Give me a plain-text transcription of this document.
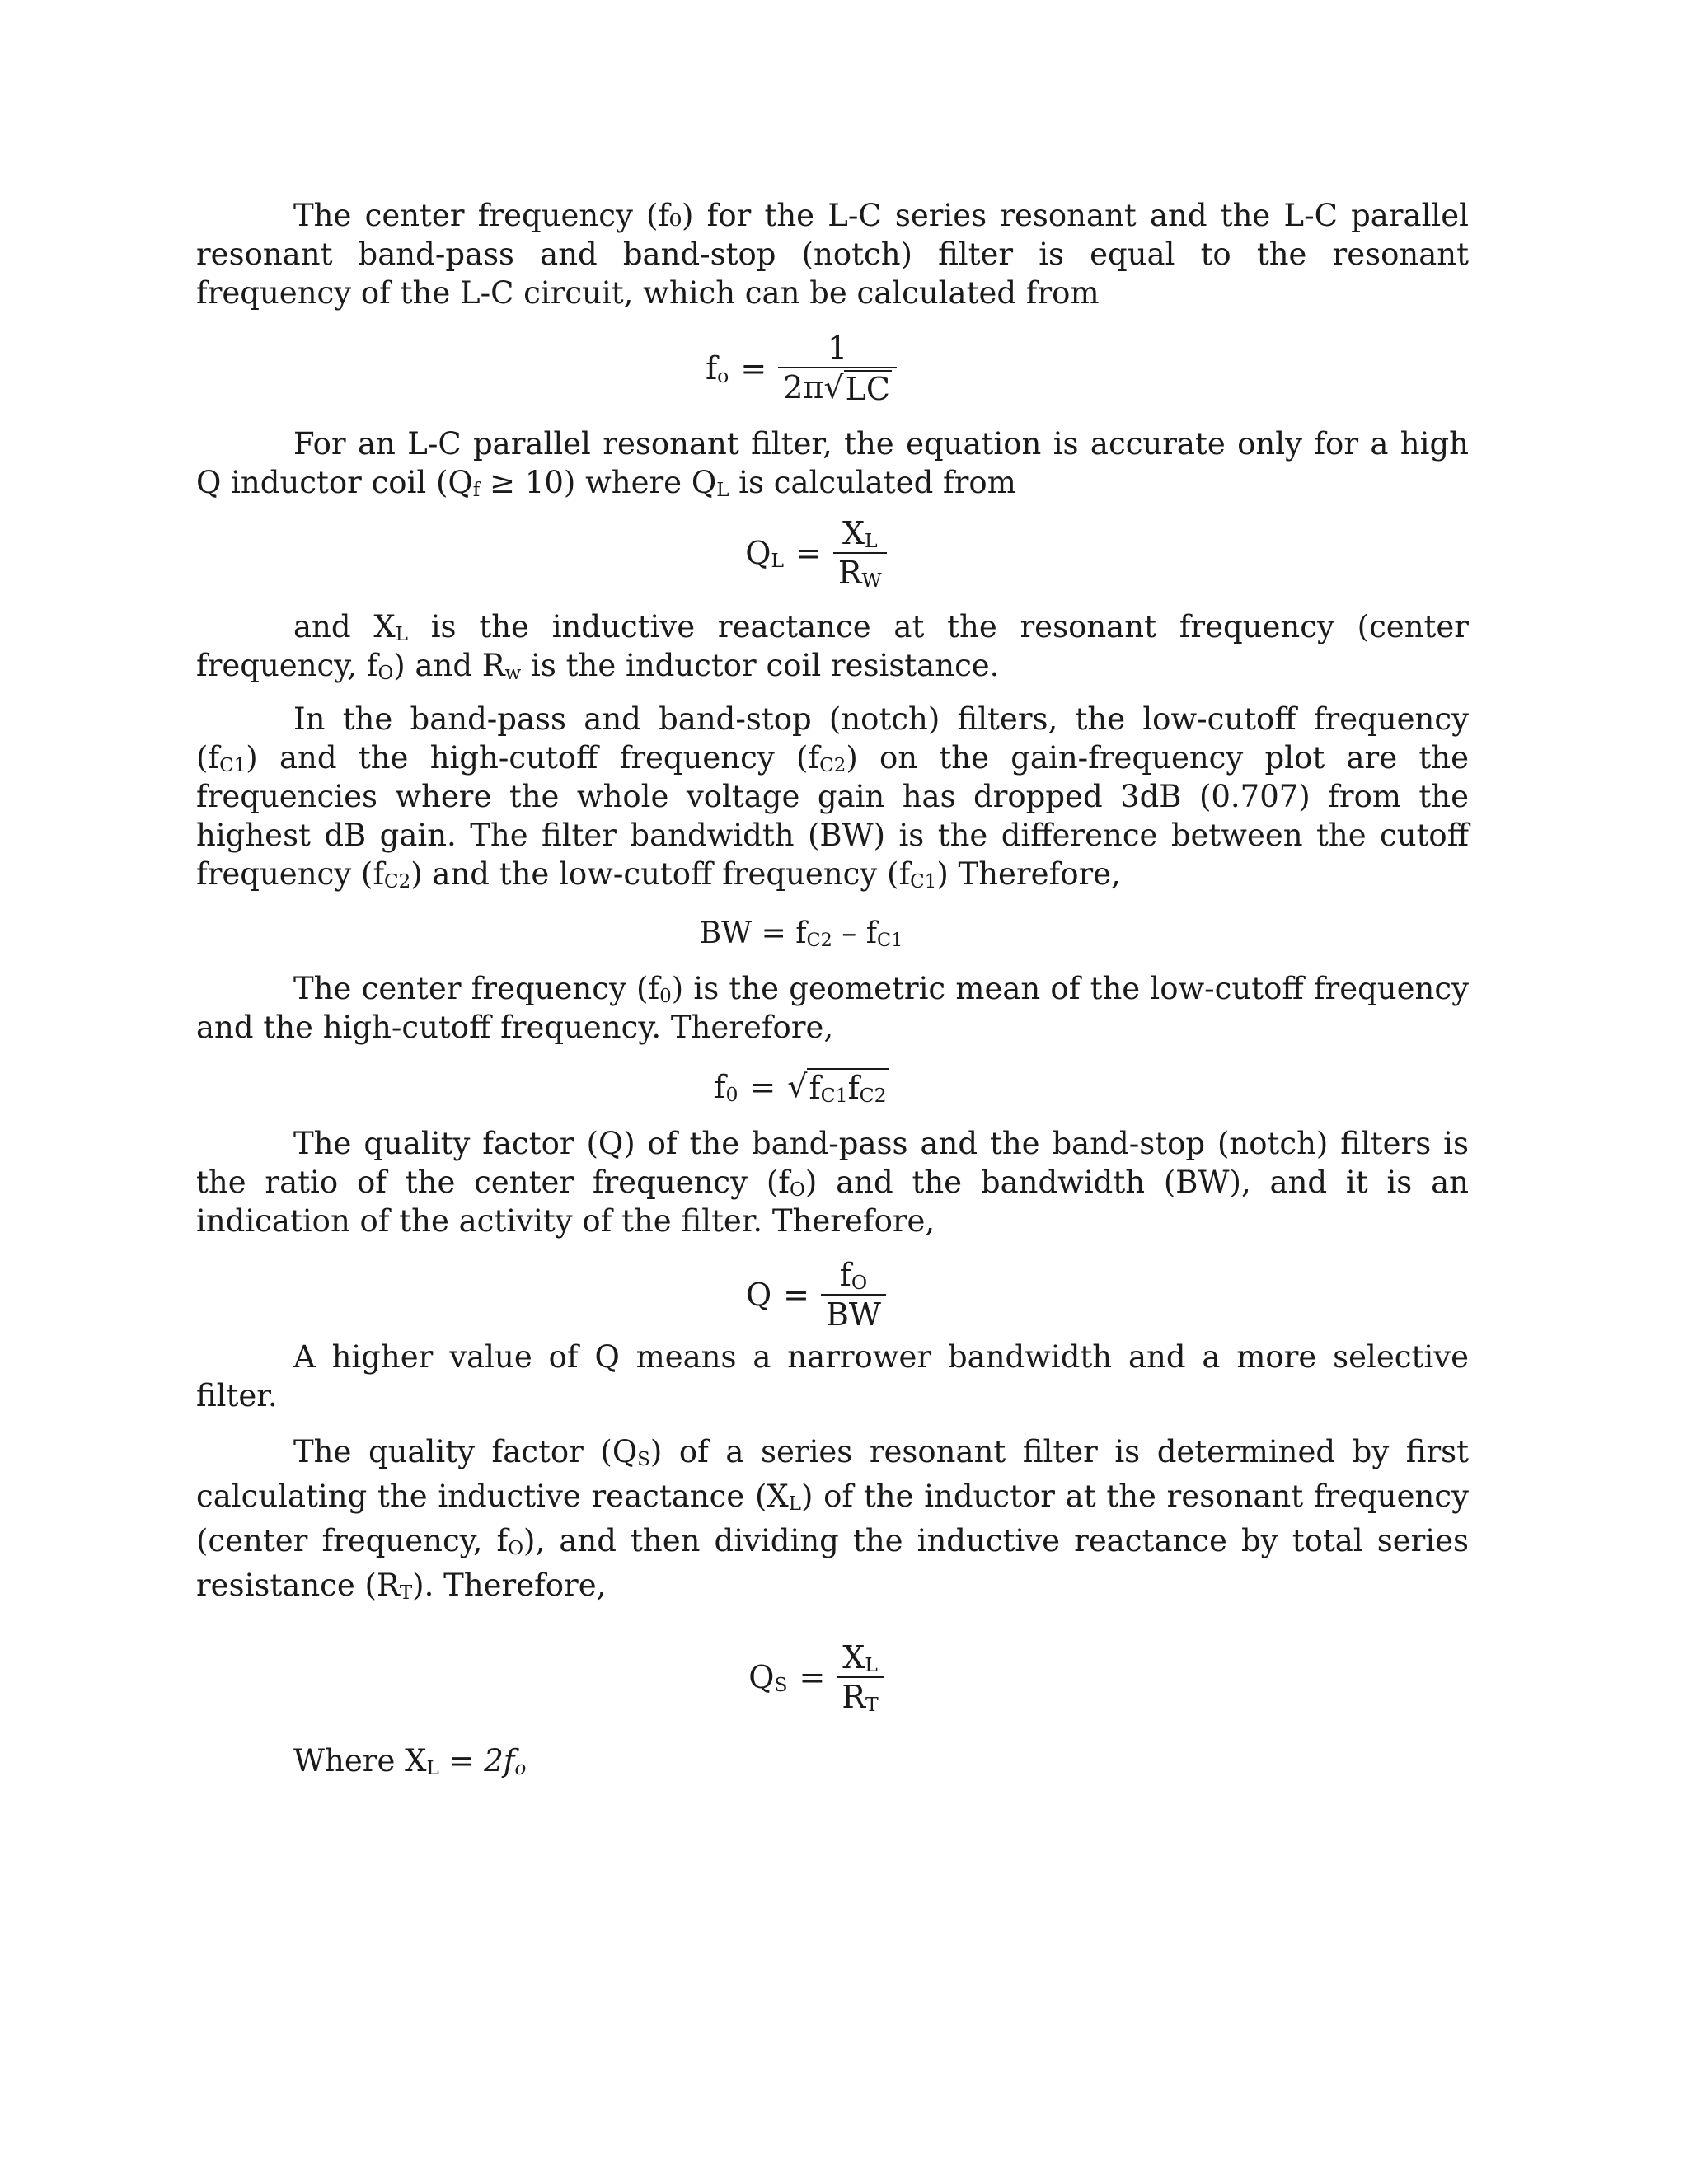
The center frequency (f₀) for the L-C series resonant and the L-C parallel resonant band-pass and band-stop (notch) filter is equal to the resonant frequency of the L-C circuit, which can be calculated from

fo = $\frac{1}{2\pi √ LC}$

For an L-C parallel resonant filter, the equation is accurate only for a high Q inductor coil (Qf ≥ 10) where QL is calculated from

QL = $\frac{XL}{RW}$

and XL is the inductive reactance at the resonant frequency (center frequency, fO) and Rw is the inductor coil resistance.

In the band-pass and band-stop (notch) filters, the low-cutoff frequency (fC1) and the high-cutoff frequency (fC2) on the gain-frequency plot are the frequencies where the whole voltage gain has dropped 3dB (0.707) from the highest dB gain. The filter bandwidth (BW) is the difference between the cutoff frequency (fC2) and the low-cutoff frequency (fC1) Therefore,

BW = fC2 – fC1

The center frequency (f0) is the geometric mean of the low-cutoff frequency and the high-cutoff frequency. Therefore,

f0 = √ fC1fC2

The quality factor (Q) of the band-pass and the band-stop (notch) filters is the ratio of the center frequency (fO) and the bandwidth (BW), and it is an indication of the activity of the filter. Therefore,

$Q = \frac{fO}{BW}$

A higher value of Q means a narrower bandwidth and a more selective filter.

The quality factor (QS) of a series resonant filter is determined by first calculating the inductive reactance (XL) of the inductor at the resonant frequency (center frequency, fO), and then dividing the inductive reactance by total series resistance (RT). Therefore,

QS = $\frac{XL}{RT}$

Where XL = 2fo
